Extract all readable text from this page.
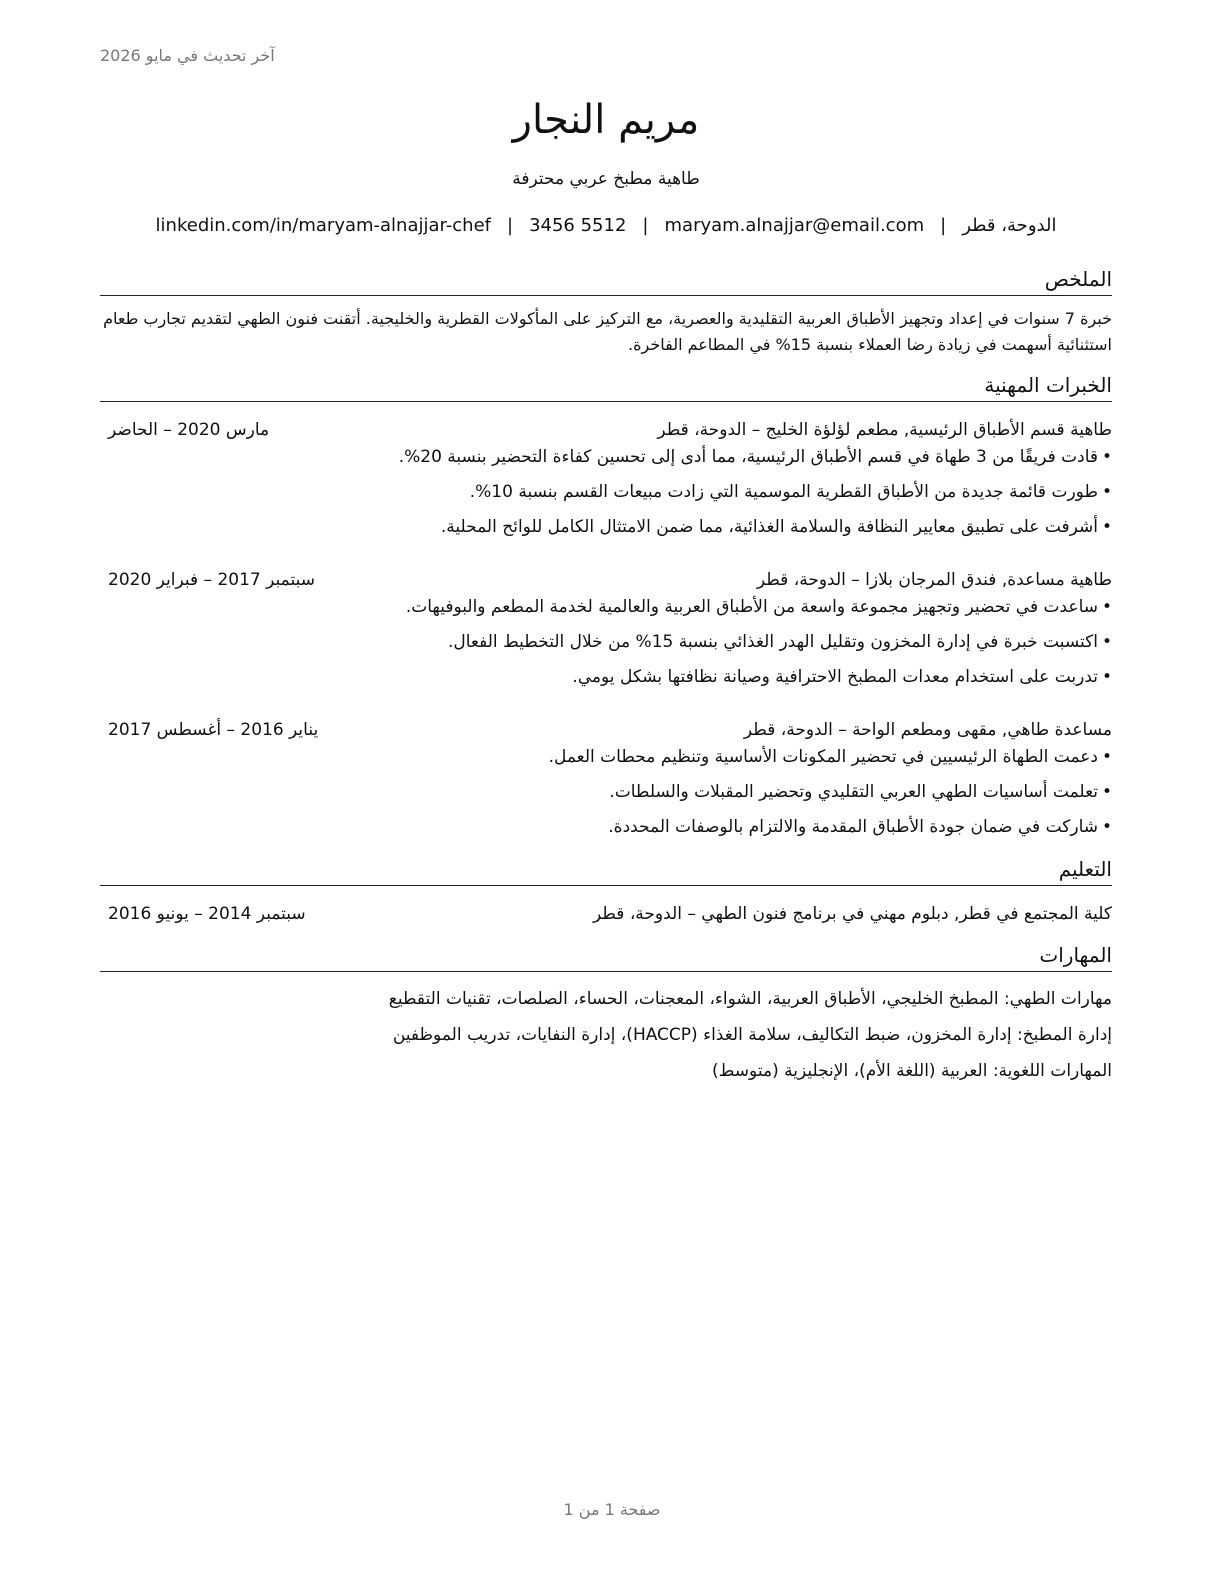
آخر تحديث في مايو 2026
مريم النجار
طاهية مطبخ عربي محترفة
الدوحة، قطر
|
maryam.alnajjar@email.com
|
3456 5512
|
linkedin.com/in/maryam-alnajjar-chef
الملخص

خبرة 7 سنوات في إعداد وتجهيز الأطباق العربية التقليدية والعصرية، مع التركيز على المأكولات القطرية والخليجية. أتقنت فنون الطهي لتقديم تجارب طعام استثنائية أسهمت في زيادة رضا العملاء بنسبة 15% في المطاعم الفاخرة.

الخبرات المهنية
طاهية قسم الأطباق الرئيسية, مطعم لؤلؤة الخليج – الدوحة، قطر
مارس 2020 – الحاضر
•قادت فريقًا من 3 طهاة في قسم الأطباق الرئيسية، مما أدى إلى تحسين كفاءة التحضير بنسبة 20%.
•طورت قائمة جديدة من الأطباق القطرية الموسمية التي زادت مبيعات القسم بنسبة 10%.
•أشرفت على تطبيق معايير النظافة والسلامة الغذائية، مما ضمن الامتثال الكامل للوائح المحلية.
طاهية مساعدة, فندق المرجان بلازا – الدوحة، قطر
سبتمبر 2017 – فبراير 2020
•ساعدت في تحضير وتجهيز مجموعة واسعة من الأطباق العربية والعالمية لخدمة المطعم والبوفيهات.
•اكتسبت خبرة في إدارة المخزون وتقليل الهدر الغذائي بنسبة 15% من خلال التخطيط الفعال.
•تدربت على استخدام معدات المطبخ الاحترافية وصيانة نظافتها بشكل يومي.
مساعدة طاهي, مقهى ومطعم الواحة – الدوحة، قطر
يناير 2016 – أغسطس 2017
•دعمت الطهاة الرئيسيين في تحضير المكونات الأساسية وتنظيم محطات العمل.
•تعلمت أساسيات الطهي العربي التقليدي وتحضير المقبلات والسلطات.
•شاركت في ضمان جودة الأطباق المقدمة والالتزام بالوصفات المحددة.
التعليم
كلية المجتمع في قطر, دبلوم مهني في برنامج فنون الطهي – الدوحة، قطر
سبتمبر 2014 – يونيو 2016
المهارات
مهارات الطهي: المطبخ الخليجي، الأطباق العربية، الشواء، المعجنات، الحساء، الصلصات، تقنيات التقطيع
إدارة المطبخ: إدارة المخزون، ضبط التكاليف، سلامة الغذاء (HACCP)، إدارة النفايات، تدريب الموظفين
المهارات اللغوية: العربية (اللغة الأم)، الإنجليزية (متوسط)
صفحة 1 من 1
